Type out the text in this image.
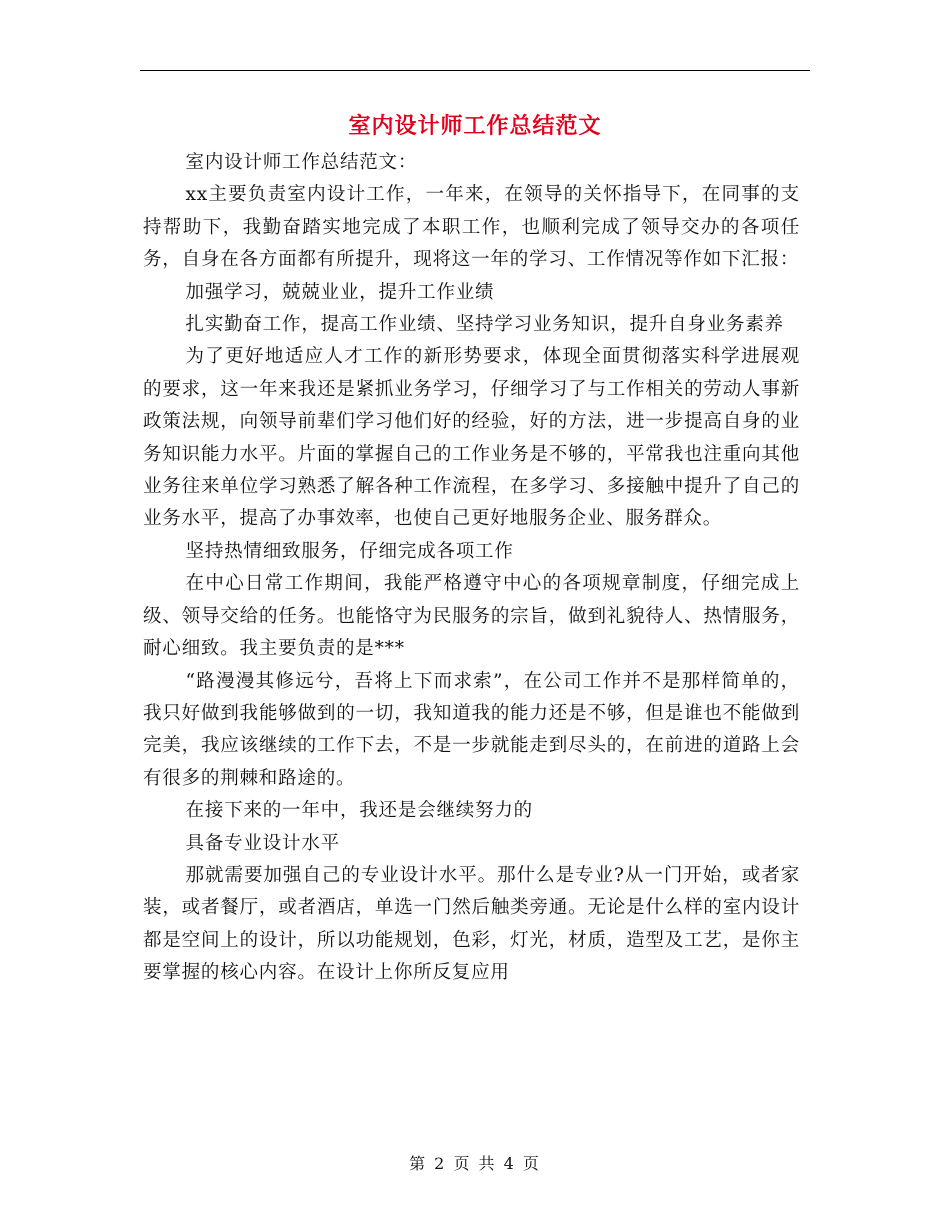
室内设计师工作总结范文

室内设计师工作总结范文：

xx主要负责室内设计工作，一年来，在领导的关怀指导下，在同事的支持帮助下，我勤奋踏实地完成了本职工作，也顺利完成了领导交办的各项任务，自身在各方面都有所提升，现将这一年的学习、工作情况等作如下汇报：

加强学习，兢兢业业，提升工作业绩

扎实勤奋工作，提高工作业绩、坚持学习业务知识，提升自身业务素养

为了更好地适应人才工作的新形势要求，体现全面贯彻落实科学进展观的要求，这一年来我还是紧抓业务学习，仔细学习了与工作相关的劳动人事新政策法规，向领导前辈们学习他们好的经验，好的方法，进一步提高自身的业务知识能力水平。片面的掌握自己的工作业务是不够的，平常我也注重向其他业务往来单位学习熟悉了解各种工作流程，在多学习、多接触中提升了自己的业务水平，提高了办事效率，也使自己更好地服务企业、服务群众。

坚持热情细致服务，仔细完成各项工作

在中心日常工作期间，我能严格遵守中心的各项规章制度，仔细完成上级、领导交给的任务。也能恪守为民服务的宗旨，做到礼貌待人、热情服务，耐心细致。我主要负责的是***

“路漫漫其修远兮，吾将上下而求索”，在公司工作并不是那样简单的，我只好做到我能够做到的一切，我知道我的能力还是不够，但是谁也不能做到完美，我应该继续的工作下去，不是一步就能走到尽头的，在前进的道路上会有很多的荆棘和路途的。

在接下来的一年中，我还是会继续努力的

具备专业设计水平

那就需要加强自己的专业设计水平。那什么是专业?从一门开始，或者家装，或者餐厅，或者酒店，单选一门然后触类旁通。无论是什么样的室内设计都是空间上的设计，所以功能规划，色彩，灯光，材质，造型及工艺，是你主要掌握的核心内容。在设计上你所反复应用

第 2 页 共 4 页
